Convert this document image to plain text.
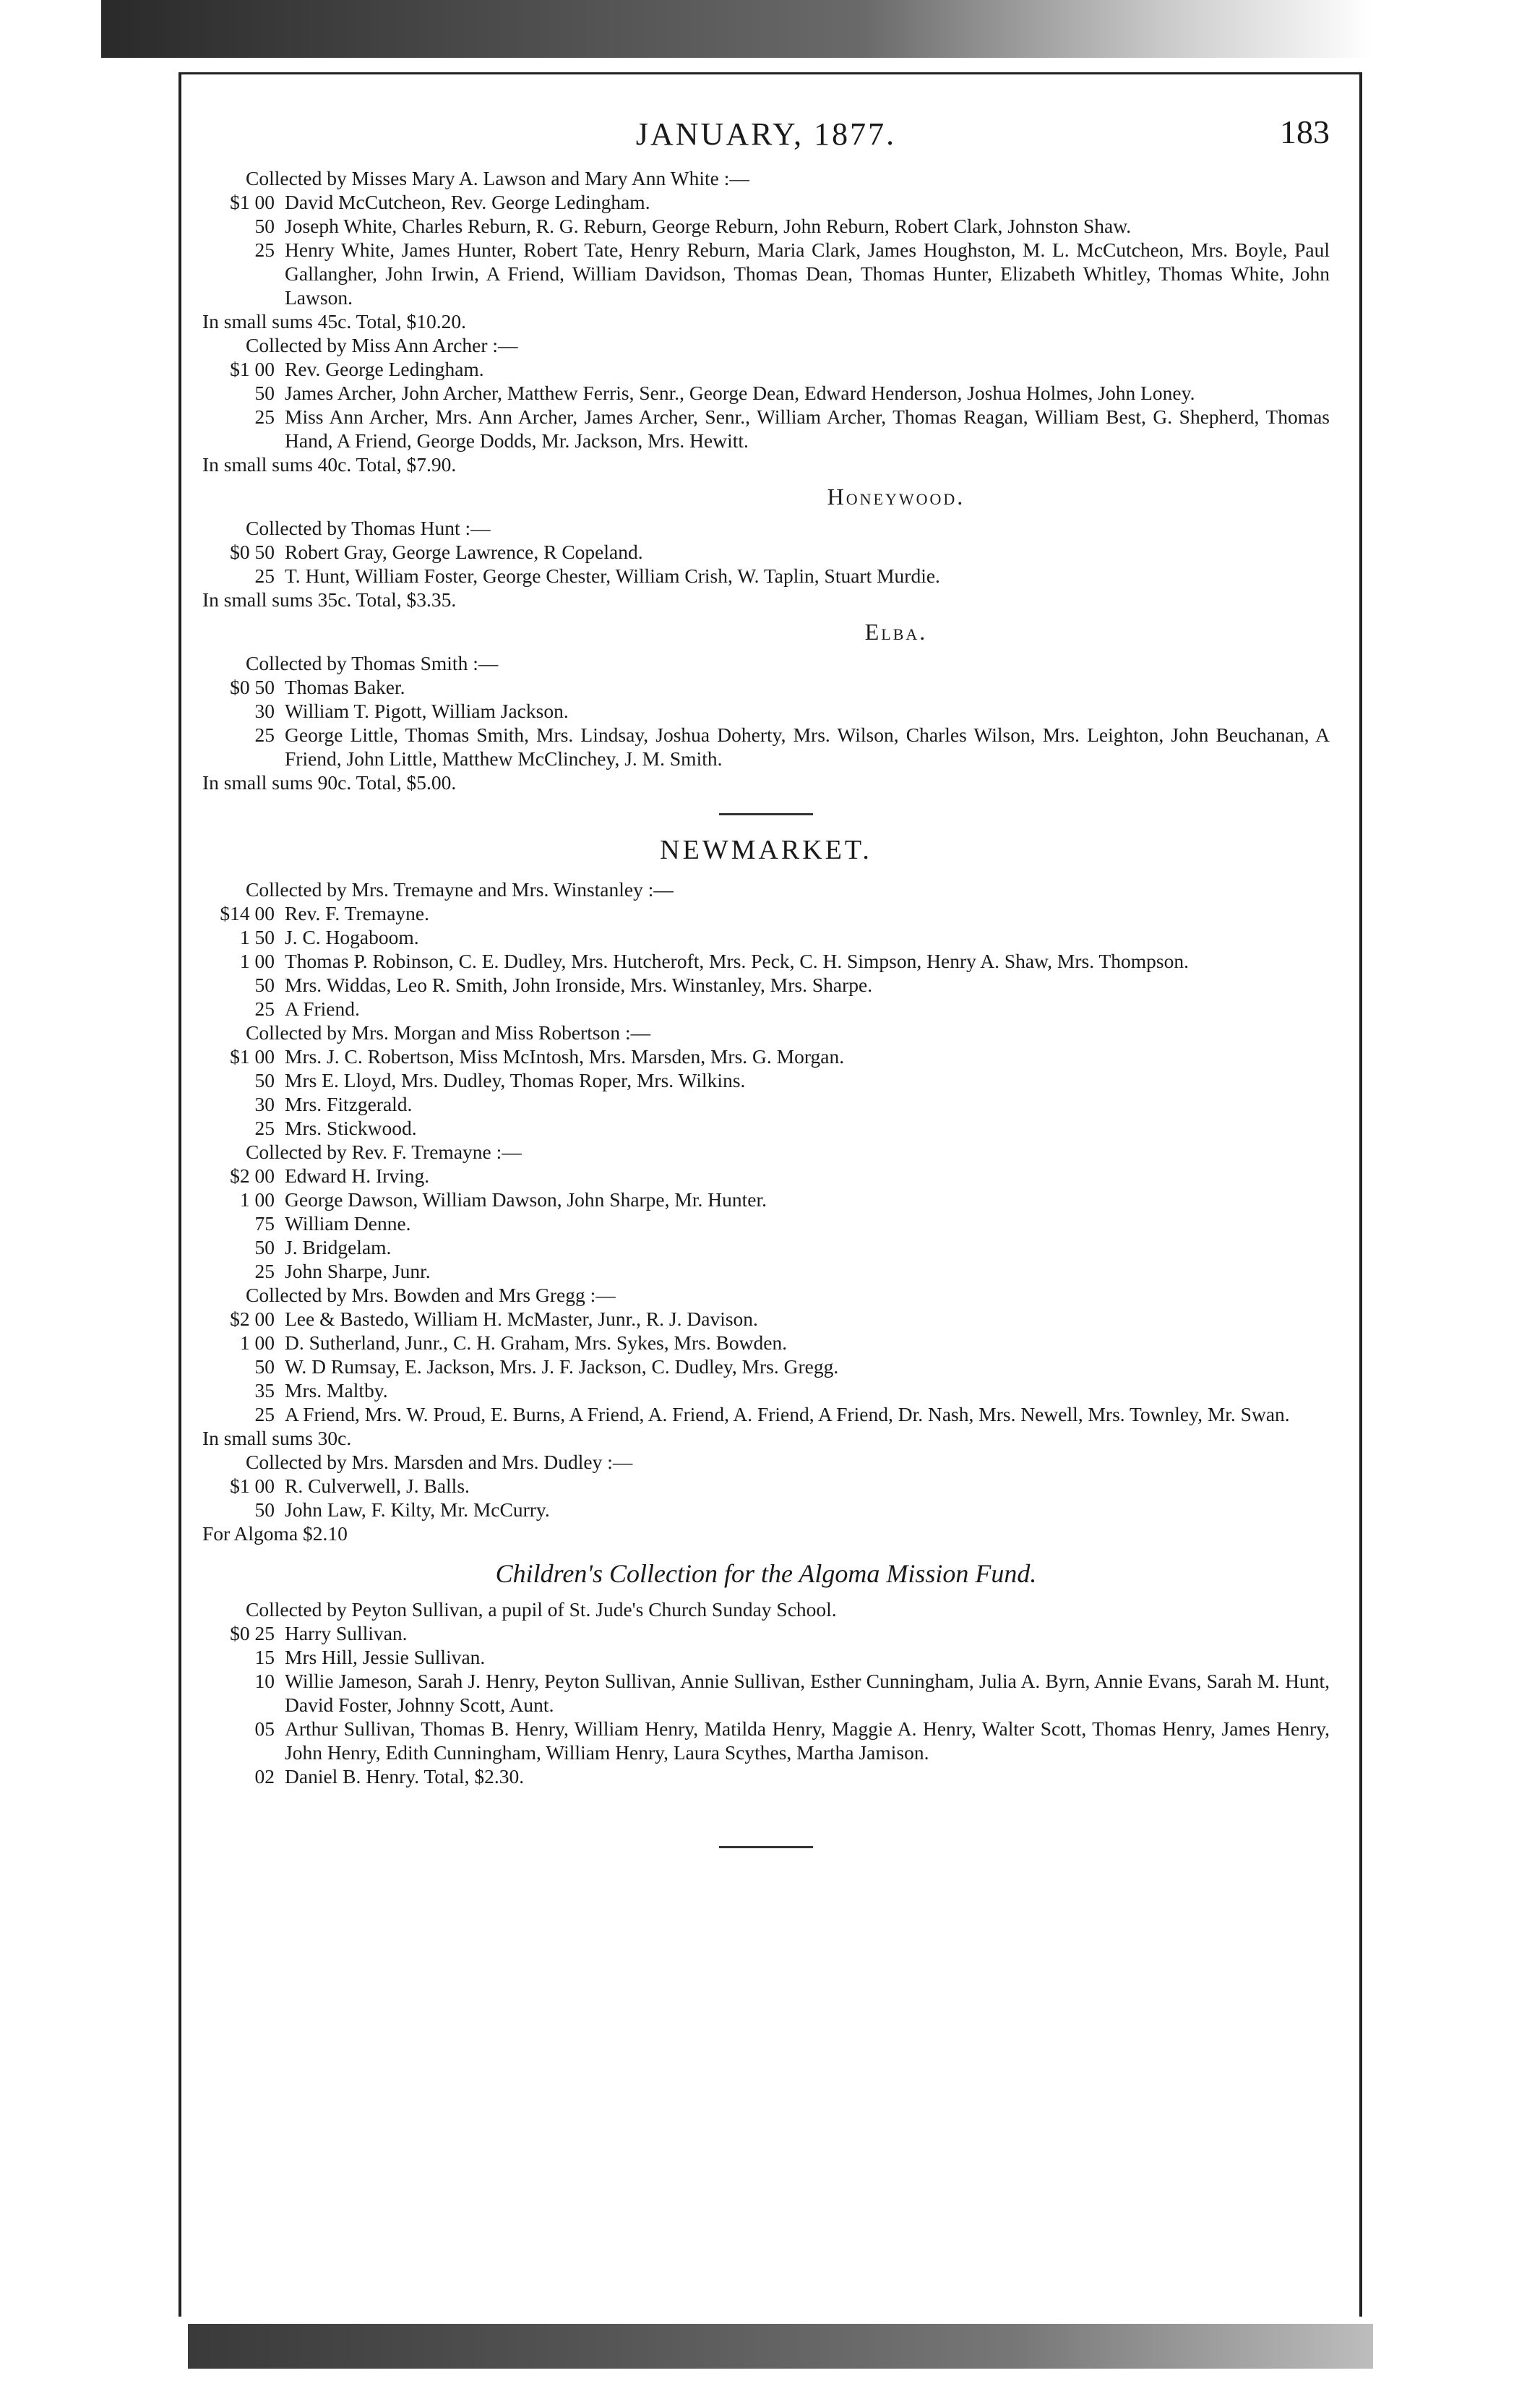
JANUARY, 1877.	183
Collected by Misses Mary A. Lawson and Mary Ann White :—
$1 00 David McCutcheon, Rev. George Ledingham.
50 Joseph White, Charles Reburn, R. G. Reburn, George Reburn, John Reburn, Robert Clark, Johnston Shaw.
25 Henry White, James Hunter, Robert Tate, Henry Reburn, Maria Clark, James Houghston, M. L. McCutcheon, Mrs. Boyle, Paul Gallangher, John Irwin, A Friend, William Davidson, Thomas Dean, Thomas Hunter, Elizabeth Whitley, Thomas White, John Lawson.
In small sums 45c. Total, $10.20.
Collected by Miss Ann Archer :—
$1 00 Rev. George Ledingham.
50 James Archer, John Archer, Matthew Ferris, Senr., George Dean, Edward Henderson, Joshua Holmes, John Loney.
25 Miss Ann Archer, Mrs. Ann Archer, James Archer, Senr., William Archer, Thomas Reagan, William Best, G. Shepherd, Thomas Hand, A Friend, George Dodds, Mr. Jackson, Mrs. Hewitt.
In small sums 40c. Total, $7.90.
Honeywood.
Collected by Thomas Hunt :—
$0 50 Robert Gray, George Lawrence, R Copeland.
25 T. Hunt, William Foster, George Chester, William Crish, W. Taplin, Stuart Murdie.
In small sums 35c. Total, $3.35.
Elba.
Collected by Thomas Smith :—
$0 50 Thomas Baker.
30 William T. Pigott, William Jackson.
25 George Little, Thomas Smith, Mrs. Lindsay, Joshua Doherty, Mrs. Wilson, Charles Wilson, Mrs. Leighton, John Beuchanan, A Friend, John Little, Matthew McClinchey, J. M. Smith.
In small sums 90c. Total, $5.00.
NEWMARKET.
Collected by Mrs. Tremayne and Mrs. Winstanley :—
$14 00 Rev. F. Tremayne.
1 50 J. C. Hogaboom.
1 00 Thomas P. Robinson, C. E. Dudley, Mrs. Hutcheroft, Mrs. Peck, C. H. Simpson, Henry A. Shaw, Mrs. Thompson.
50 Mrs. Widdas, Leo R. Smith, John Ironside, Mrs. Winstanley, Mrs. Sharpe.
25 A Friend.
Collected by Mrs. Morgan and Miss Robertson :—
$1 00 Mrs. J. C. Robertson, Miss McIntosh, Mrs. Marsden, Mrs. G. Morgan.
50 Mrs E. Lloyd, Mrs. Dudley, Thomas Roper, Mrs. Wilkins.
30 Mrs. Fitzgerald.
25 Mrs. Stickwood.
Collected by Rev. F. Tremayne :—
$2 00 Edward H. Irving.
1 00 George Dawson, William Dawson, John Sharpe, Mr. Hunter.
75 William Denne.
50 J. Bridgelam.
25 John Sharpe, Junr.
Collected by Mrs. Bowden and Mrs Gregg :—
$2 00 Lee & Bastedo, William H. McMaster, Junr., R. J. Davison.
1 00 D. Sutherland, Junr., C. H. Graham, Mrs. Sykes, Mrs. Bowden.
50 W. D Rumsay, E. Jackson, Mrs. J. F. Jackson, C. Dudley, Mrs. Gregg.
35 Mrs. Maltby.
25 A Friend, Mrs. W. Proud, E. Burns, A Friend, A. Friend, A. Friend, A Friend, Dr. Nash, Mrs. Newell, Mrs. Townley, Mr. Swan.
In small sums 30c.
Collected by Mrs. Marsden and Mrs. Dudley :—
$1 00 R. Culverwell, J. Balls.
50 John Law, F. Kilty, Mr. McCurry.
For Algoma $2.10
Children's Collection for the Algoma Mission Fund.
Collected by Peyton Sullivan, a pupil of St. Jude's Church Sunday School.
$0 25 Harry Sullivan.
15 Mrs Hill, Jessie Sullivan.
10 Willie Jameson, Sarah J. Henry, Peyton Sullivan, Annie Sullivan, Esther Cunningham, Julia A. Byrn, Annie Evans, Sarah M. Hunt, David Foster, Johnny Scott, Aunt.
05 Arthur Sullivan, Thomas B. Henry, William Henry, Matilda Henry, Maggie A. Henry, Walter Scott, Thomas Henry, James Henry, John Henry, Edith Cunningham, William Henry, Laura Scythes, Martha Jamison.
02 Daniel B. Henry. Total, $2.30.
